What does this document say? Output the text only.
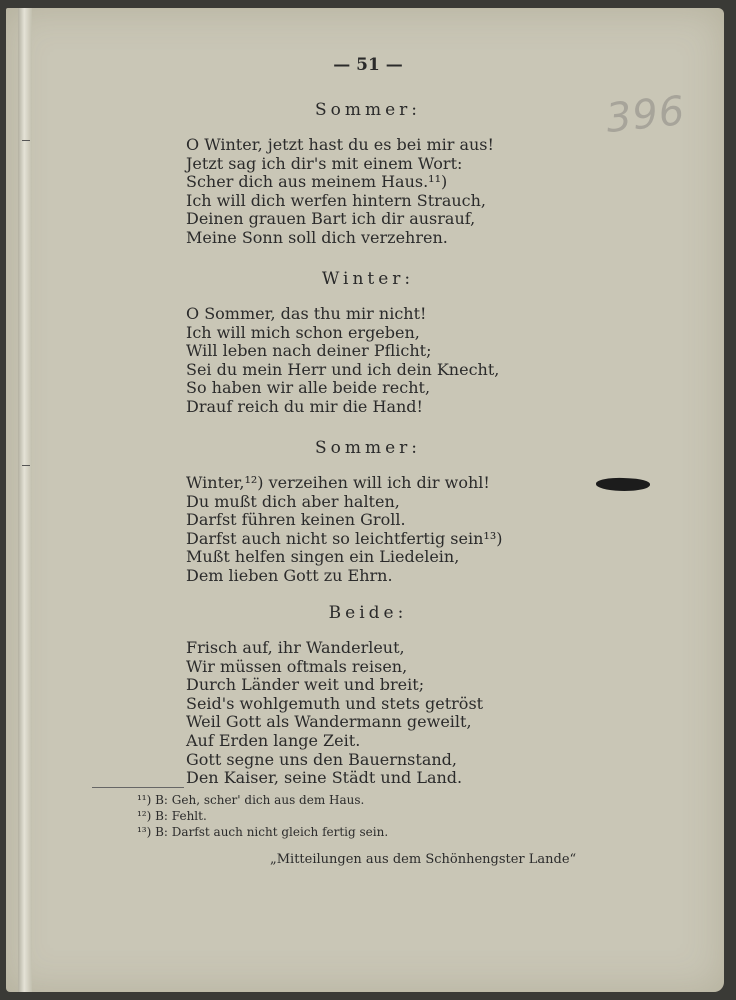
— 51 —
396
Sommer:
O Winter, jetzt hast du es bei mir aus!
Jetzt sag ich dir's mit einem Wort:
Scher dich aus meinem Haus.¹¹)
Ich will dich werfen hintern Strauch,
Deinen grauen Bart ich dir ausrauf,
Meine Sonn soll dich verzehren.
Winter:
O Sommer, das thu mir nicht!
Ich will mich schon ergeben,
Will leben nach deiner Pflicht;
Sei du mein Herr und ich dein Knecht,
So haben wir alle beide recht,
Drauf reich du mir die Hand!
Sommer:
Winter,¹²) verzeihen will ich dir wohl!
Du mußt dich aber halten,
Darfst führen keinen Groll.
Darfst auch nicht so leichtfertig sein¹³)
Mußt helfen singen ein Liedelein,
Dem lieben Gott zu Ehrn.
Beide:
Frisch auf, ihr Wanderleut,
Wir müssen oftmals reisen,
Durch Länder weit und breit;
Seid's wohlgemuth und stets getröst
Weil Gott als Wandermann geweilt,
Auf Erden lange Zeit.
Gott segne uns den Bauernstand,
Den Kaiser, seine Städt und Land.
¹¹) B: Geh, scher' dich aus dem Haus.
¹²) B: Fehlt.
¹³) B: Darfst auch nicht gleich fertig sein.
„Mitteilungen aus dem Schönhengster Lande“
